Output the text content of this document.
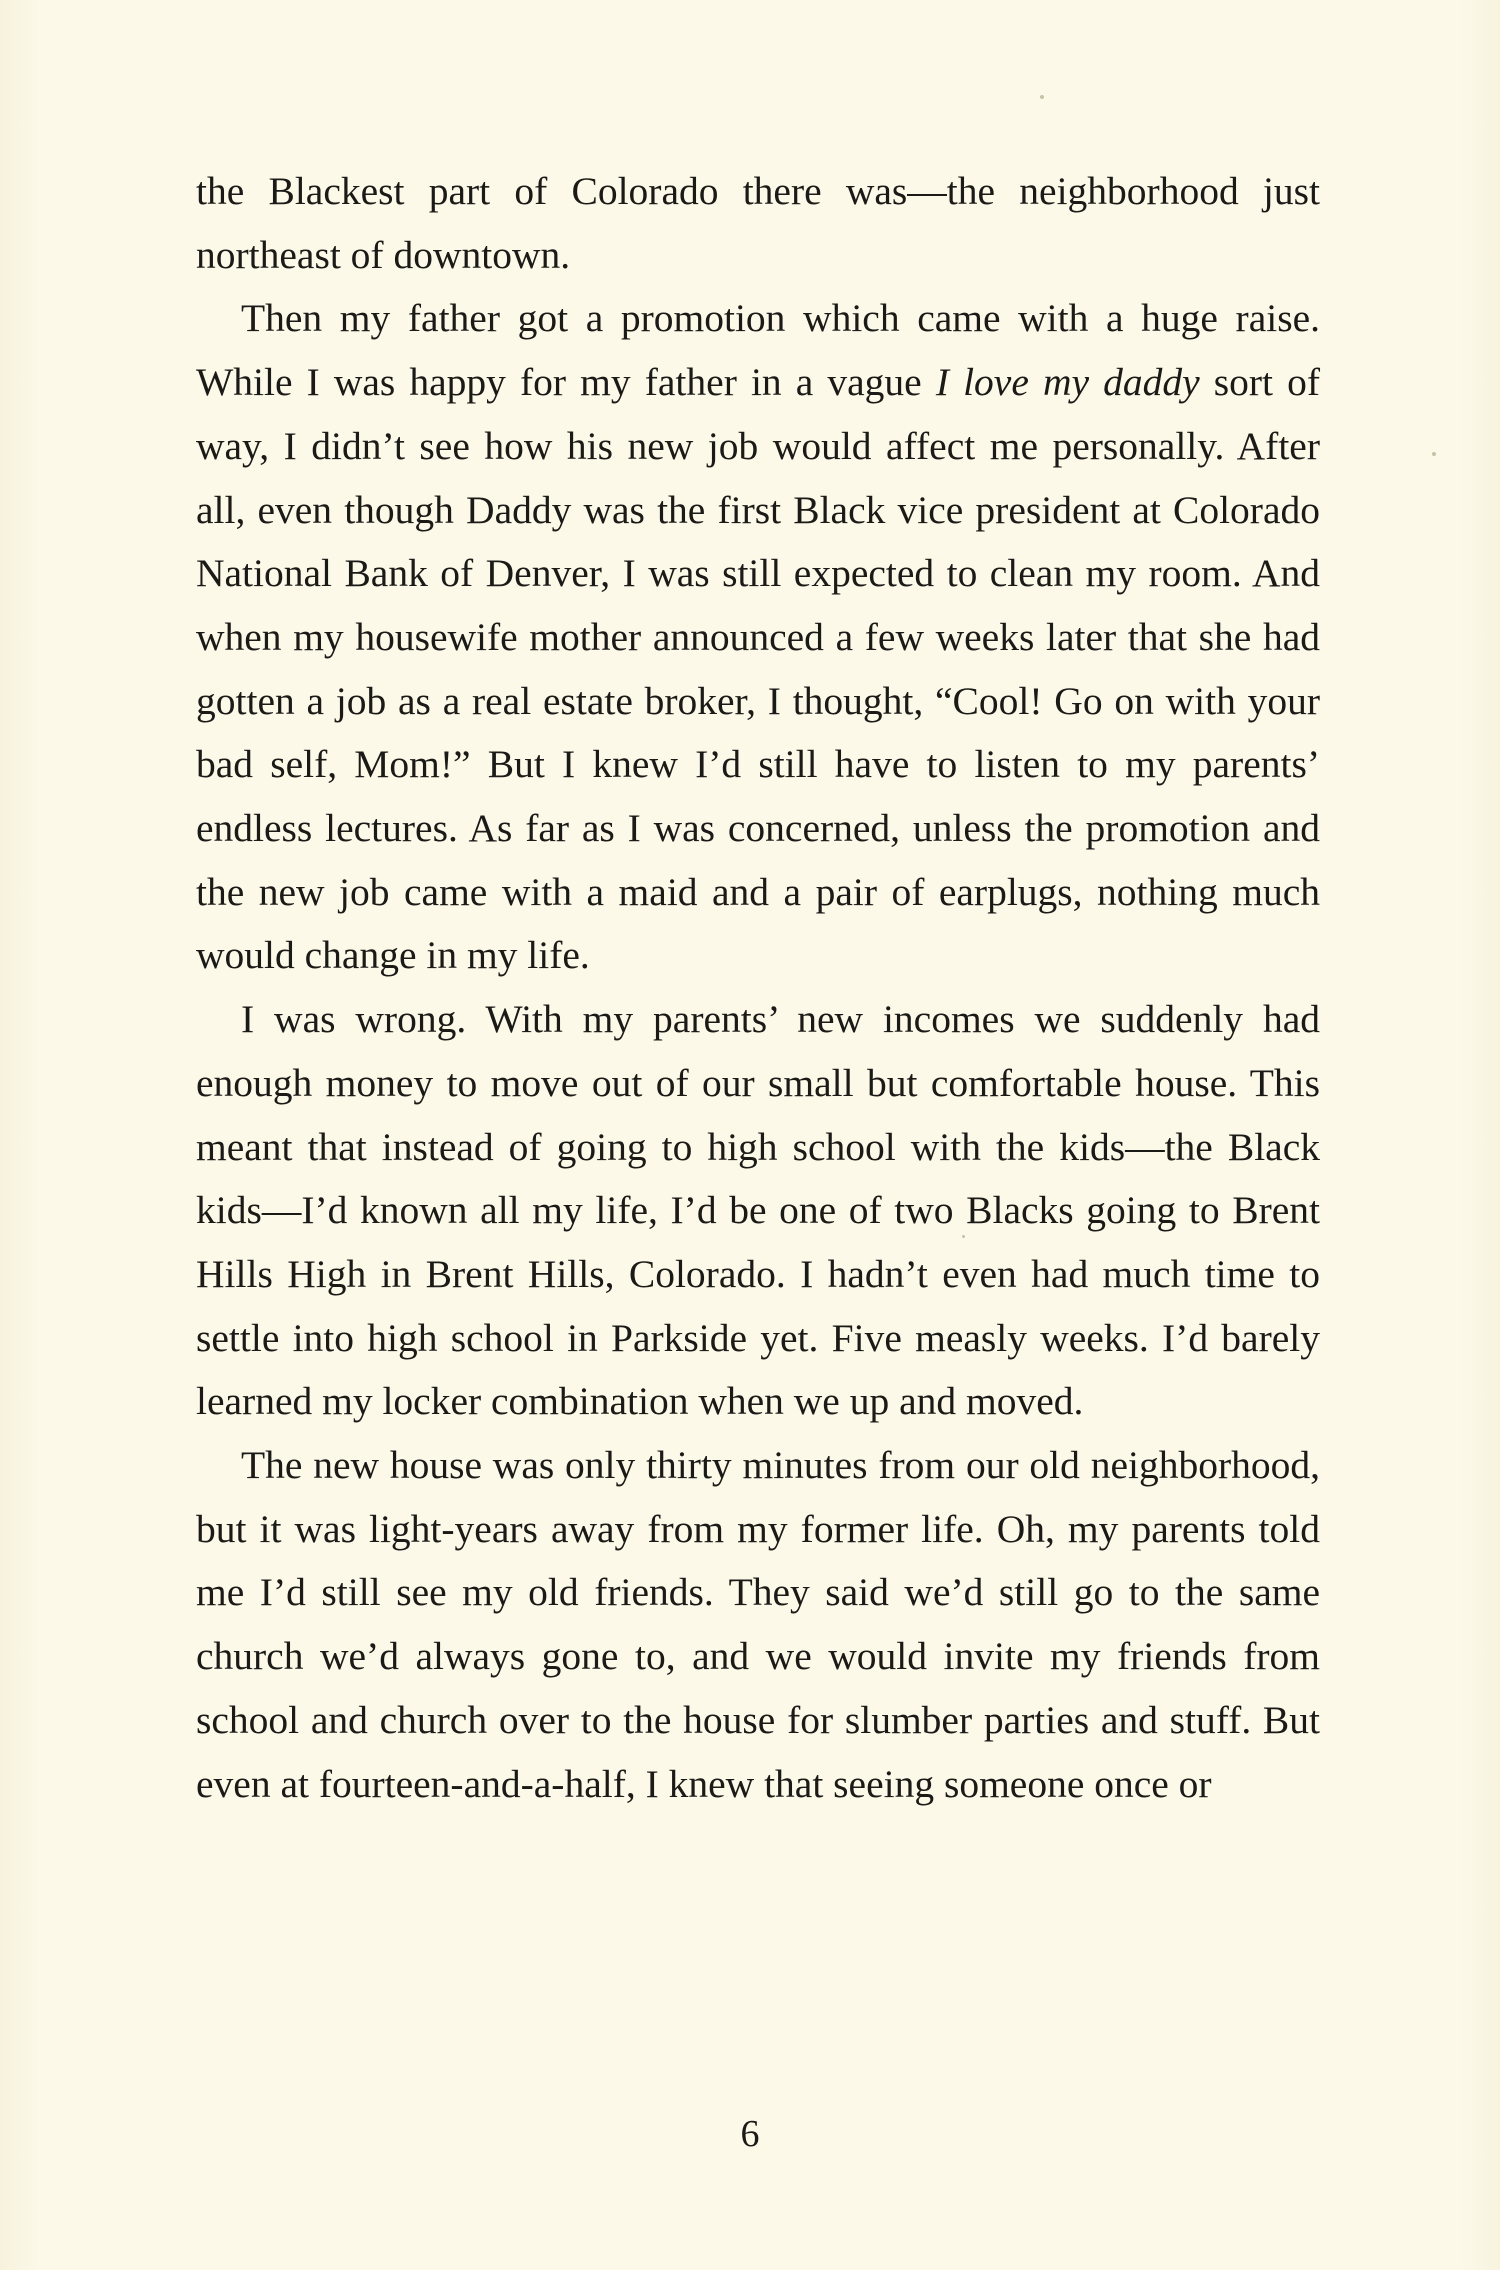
the Blackest part of Colorado there was—the neighborhood just northeast of downtown.

Then my father got a promotion which came with a huge raise. While I was happy for my father in a vague I love my daddy sort of way, I didn’t see how his new job would affect me personally. After all, even though Daddy was the first Black vice president at Colorado National Bank of Denver, I was still expected to clean my room. And when my housewife mother announced a few weeks later that she had gotten a job as a real estate broker, I thought, “Cool! Go on with your bad self, Mom!” But I knew I’d still have to listen to my parents’ endless lectures. As far as I was concerned, unless the promotion and the new job came with a maid and a pair of earplugs, nothing much would change in my life.

I was wrong. With my parents’ new incomes we suddenly had enough money to move out of our small but comfortable house. This meant that instead of going to high school with the kids—the Black kids—I’d known all my life, I’d be one of two Blacks going to Brent Hills High in Brent Hills, Colorado. I hadn’t even had much time to settle into high school in Parkside yet. Five measly weeks. I’d barely learned my locker combination when we up and moved.

The new house was only thirty minutes from our old neighborhood, but it was light-years away from my former life. Oh, my parents told me I’d still see my old friends. They said we’d still go to the same church we’d always gone to, and we would invite my friends from school and church over to the house for slumber parties and stuff. But even at fourteen-and-a-half, I knew that seeing someone once or

6
